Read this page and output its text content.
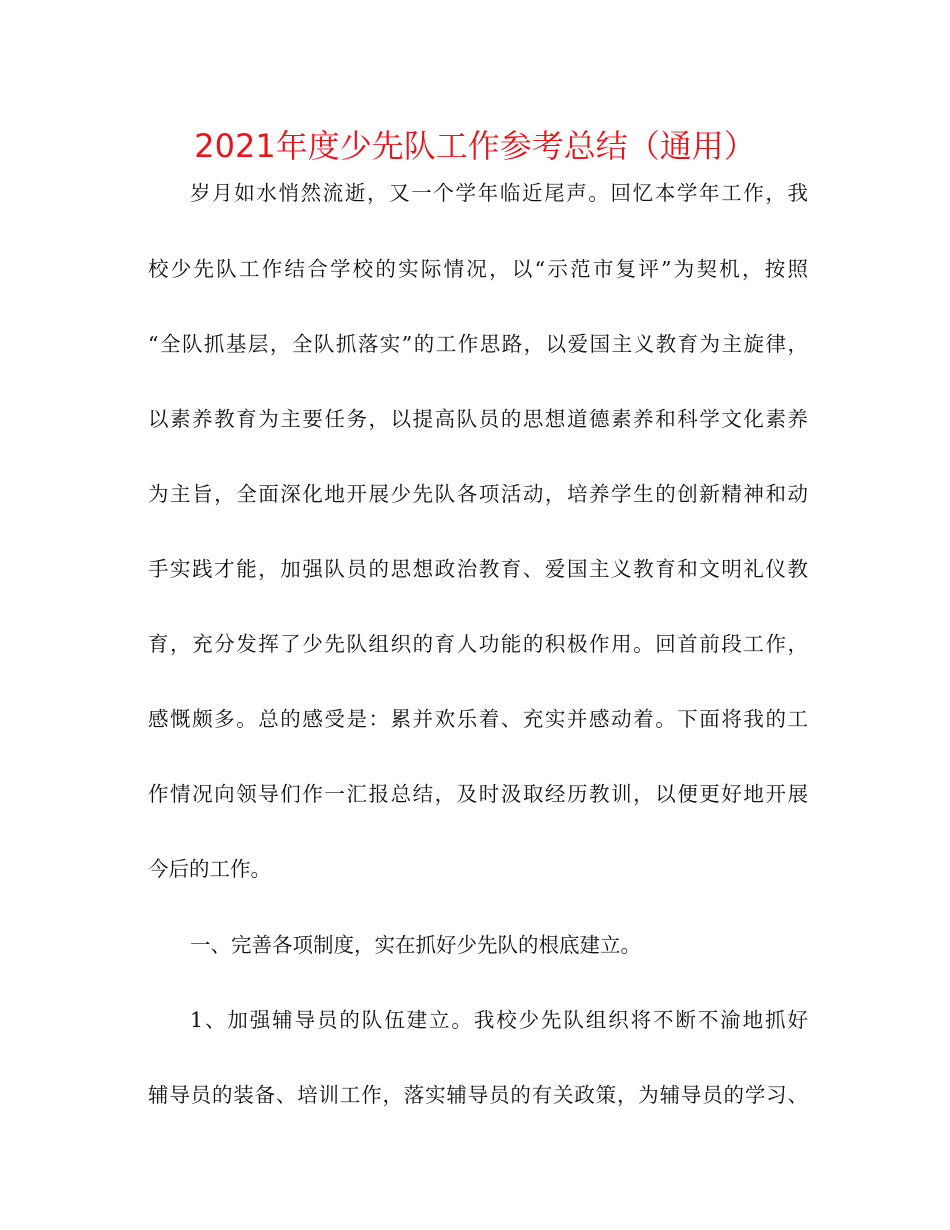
2021年度少先队工作参考总结（通用）
岁月如水悄然流逝，又一个学年临近尾声。回忆本学年工作，我
校少先队工作结合学校的实际情况，以“示范市复评”为契机，按照
“全队抓基层，全队抓落实”的工作思路，以爱国主义教育为主旋律，
以素养教育为主要任务，以提高队员的思想道德素养和科学文化素养
为主旨，全面深化地开展少先队各项活动，培养学生的创新精神和动
手实践才能，加强队员的思想政治教育、爱国主义教育和文明礼仪教
育，充分发挥了少先队组织的育人功能的积极作用。回首前段工作，
感慨颇多。总的感受是：累并欢乐着、充实并感动着。下面将我的工
作情况向领导们作一汇报总结，及时汲取经历教训，以便更好地开展
今后的工作。
一、完善各项制度，实在抓好少先队的根底建立。
1、加强辅导员的队伍建立。我校少先队组织将不断不渝地抓好
辅导员的装备、培训工作，落实辅导员的有关政策，为辅导员的学习、
